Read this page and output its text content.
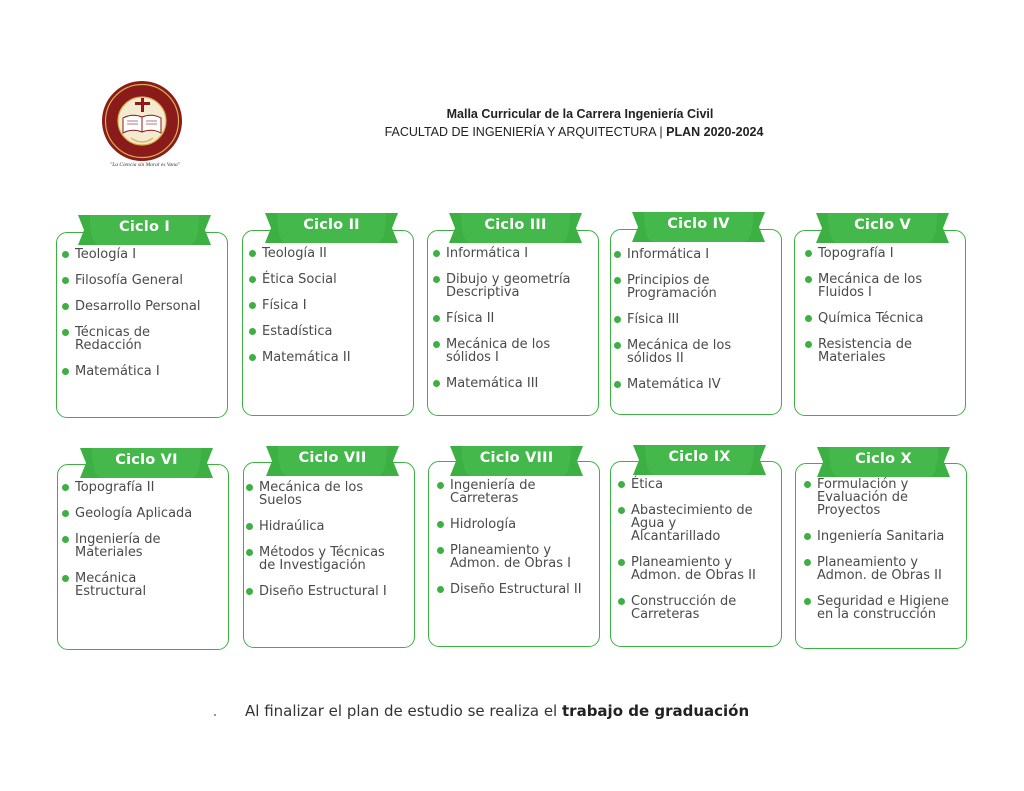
"La Ciencia sin Moral es Vana"
Malla Curricular de la Carrera Ingeniería Civil
FACULTAD DE INGENIERÍA Y ARQUITECTURA | PLAN 2020-2024
Ciclo I
Teología I
Filosofía General
Desarrollo Personal
Técnicas de
Redacción
Matemática I
Ciclo II
Teología II
Ética Social
Física I
Estadística
Matemática II
Ciclo III
Informática I
Dibujo y geometría
Descriptiva
Física II
Mecánica de los
sólidos I
Matemática III
Ciclo IV
Informática I
Principios de
Programación
Física III
Mecánica de los
sólidos II
Matemática IV
Ciclo V
Topografía I
Mecánica de los
Fluidos I
Química Técnica
Resistencia de
Materiales
Ciclo VI
Topografía II
Geología Aplicada
Ingeniería de
Materiales
Mecánica
Estructural
Ciclo VII
Mecánica de los
Suelos
Hidraúlica
Métodos y Técnicas
de Investigación
Diseño Estructural I
Ciclo VIII
Ingeniería de
Carreteras
Hidrología
Planeamiento y
Admon. de Obras I
Diseño Estructural II
Ciclo IX
Ética
Abastecimiento de
Agua y
Alcantarillado
Planeamiento y
Admon. de Obras II
Construcción de
Carreteras
Ciclo X
Formulación y
Evaluación de
Proyectos
Ingeniería Sanitaria
Planeamiento y
Admon. de Obras II
Seguridad e Higiene
en la construcción
Al finalizar el plan de estudio se realiza el trabajo de graduación
